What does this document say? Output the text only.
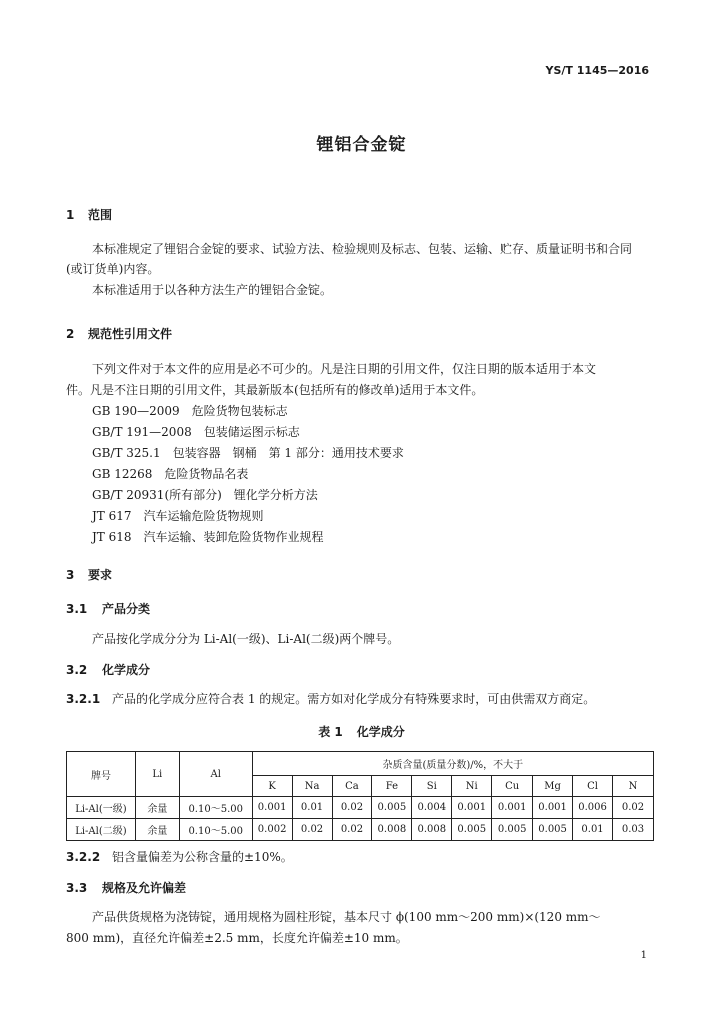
YS/T 1145—2016
锂铝合金锭
1 范围
本标准规定了锂铝合金锭的要求、试验方法、检验规则及标志、包装、运输、贮存、质量证明书和合同
(或订货单)内容。
本标准适用于以各种方法生产的锂铝合金锭。
2 规范性引用文件
下列文件对于本文件的应用是必不可少的。凡是注日期的引用文件，仅注日期的版本适用于本文
件。凡是不注日期的引用文件，其最新版本(包括所有的修改单)适用于本文件。
GB 190—2009　危险货物包装标志
GB/T 191—2008　包装储运图示标志
GB/T 325.1　包装容器　钢桶　第 1 部分：通用技术要求
GB 12268　危险货物品名表
GB/T 20931(所有部分)　锂化学分析方法
JT 617　汽车运输危险货物规则
JT 618　汽车运输、装卸危险货物作业规程
3 要求
3.1 产品分类
产品按化学成分分为 Li-Al(一级)、Li-Al(二级)两个牌号。
3.2 化学成分
3.2.1 产品的化学成分应符合表 1 的规定。需方如对化学成分有特殊要求时，可由供需双方商定。
表 1 化学成分
牌号	Li	Al	杂质含量(质量分数)/%，不大于									
			K	Na	Ca	Fe	Si	Ni	Cu	Mg	Cl	N
Li-Al(一级)	余量	0.10～5.00	0.001	0.01	0.02	0.005	0.004	0.001	0.001	0.001	0.006	0.02
Li-Al(二级)	余量	0.10～5.00	0.002	0.02	0.02	0.008	0.008	0.005	0.005	0.005	0.01	0.03
3.2.2 铝含量偏差为公称含量的±10%。
3.3 规格及允许偏差
产品供货规格为浇铸锭，通用规格为圆柱形锭，基本尺寸 ϕ(100 mm～200 mm)×(120 mm～
800 mm)，直径允许偏差±2.5 mm，长度允许偏差±10 mm。
1
